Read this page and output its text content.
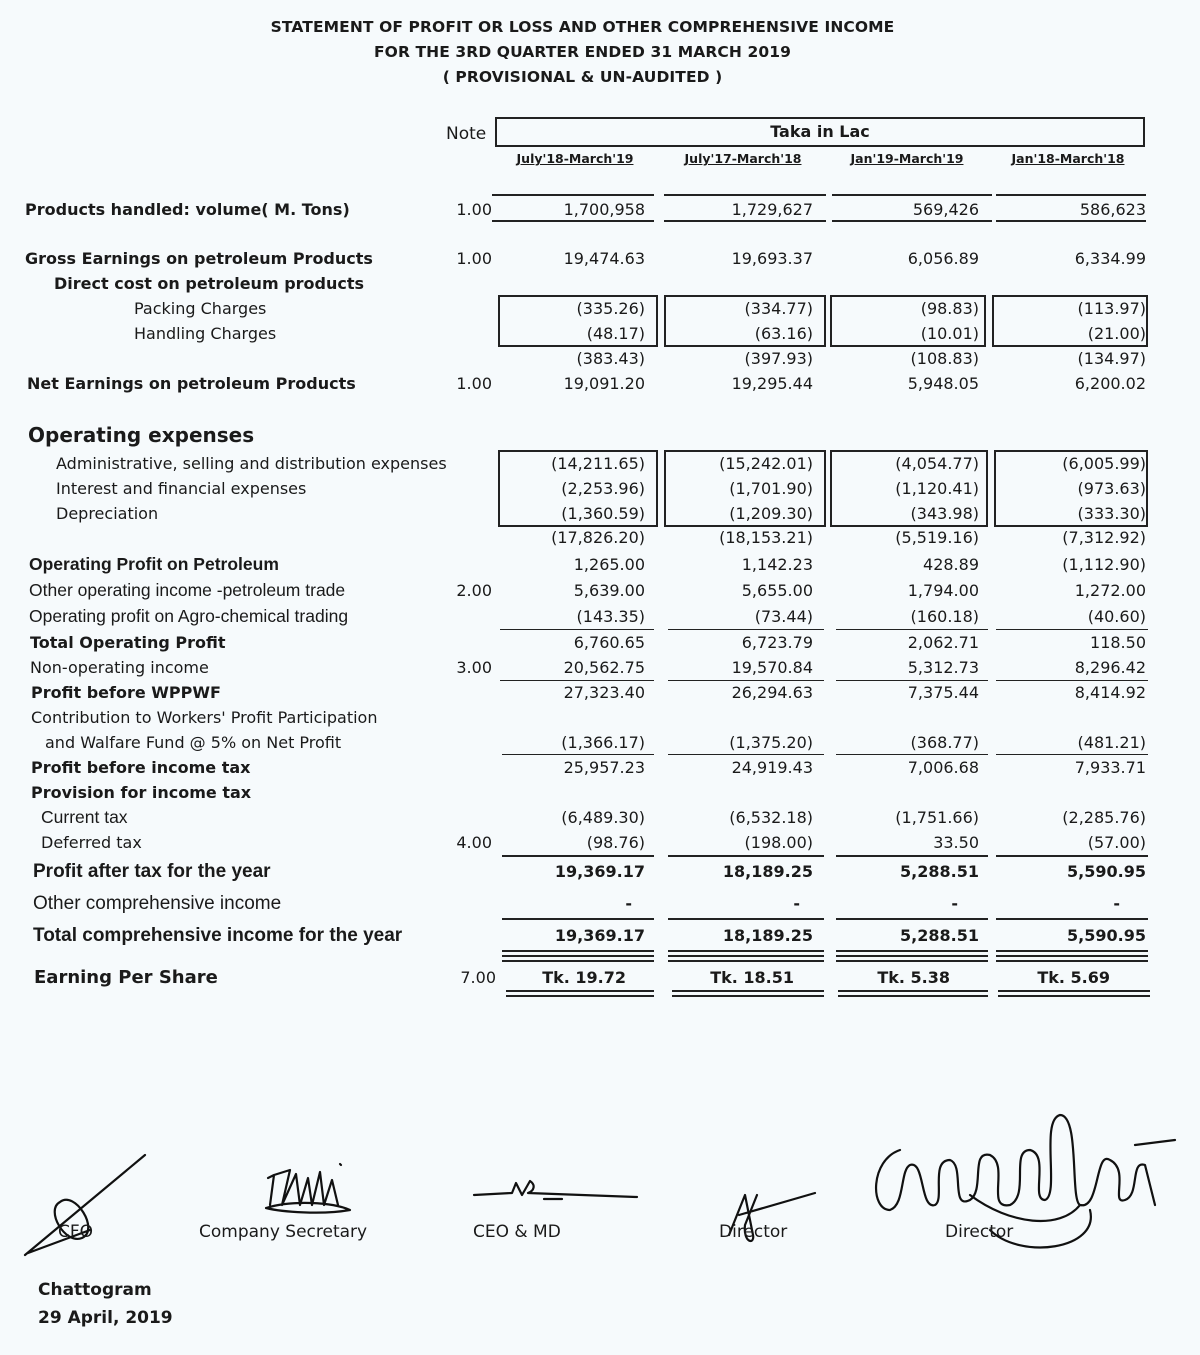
STATEMENT OF PROFIT OR LOSS AND OTHER COMPREHENSIVE INCOME
FOR THE 3RD QUARTER ENDED 31 MARCH 2019
( PROVISIONAL & UN-AUDITED )
Note	Taka in Lac
July'18-March'19	July'17-March'18	Jan'19-March'19	Jan'18-March'18
Products handled: volume( M. Tons)	1.00	1,700,958	1,729,627	569,426	586,623
Gross Earnings on petroleum Products	1.00	19,474.63	19,693.37	6,056.89	6,334.99
Direct cost on petroleum products
Packing Charges	(335.26)	(334.77)	(98.83)	(113.97)
Handling Charges	(48.17)	(63.16)	(10.01)	(21.00)
(383.43)	(397.93)	(108.83)	(134.97)
Net Earnings on petroleum Products	1.00	19,091.20	19,295.44	5,948.05	6,200.02
Operating expenses
Administrative, selling and distribution expenses	(14,211.65)	(15,242.01)	(4,054.77)	(6,005.99)
Interest and financial expenses	(2,253.96)	(1,701.90)	(1,120.41)	(973.63)
Depreciation	(1,360.59)	(1,209.30)	(343.98)	(333.30)
(17,826.20)	(18,153.21)	(5,519.16)	(7,312.92)
Operating Profit on Petroleum	1,265.00	1,142.23	428.89	(1,112.90)
Other operating income -petroleum trade	2.00	5,639.00	5,655.00	1,794.00	1,272.00
Operating profit on Agro-chemical trading	(143.35)	(73.44)	(160.18)	(40.60)
Total Operating Profit	6,760.65	6,723.79	2,062.71	118.50
Non-operating income	3.00	20,562.75	19,570.84	5,312.73	8,296.42
Profit before WPPWF	27,323.40	26,294.63	7,375.44	8,414.92
Contribution to Workers' Profit Participation
and Walfare Fund @ 5% on Net Profit	(1,366.17)	(1,375.20)	(368.77)	(481.21)
Profit before income tax	25,957.23	24,919.43	7,006.68	7,933.71
Provision for income tax
Current tax	(6,489.30)	(6,532.18)	(1,751.66)	(2,285.76)
Deferred tax	4.00	(98.76)	(198.00)	33.50	(57.00)
Profit after tax for the year	19,369.17	18,189.25	5,288.51	5,590.95
Other comprehensive income	-	-	-	-
Total comprehensive income for the year	19,369.17	18,189.25	5,288.51	5,590.95
Earning Per Share	7.00	Tk. 19.72	Tk. 18.51	Tk. 5.38	Tk. 5.69
CFO	Company Secretary	CEO & MD	Director	Director
Chattogram
29 April, 2019
